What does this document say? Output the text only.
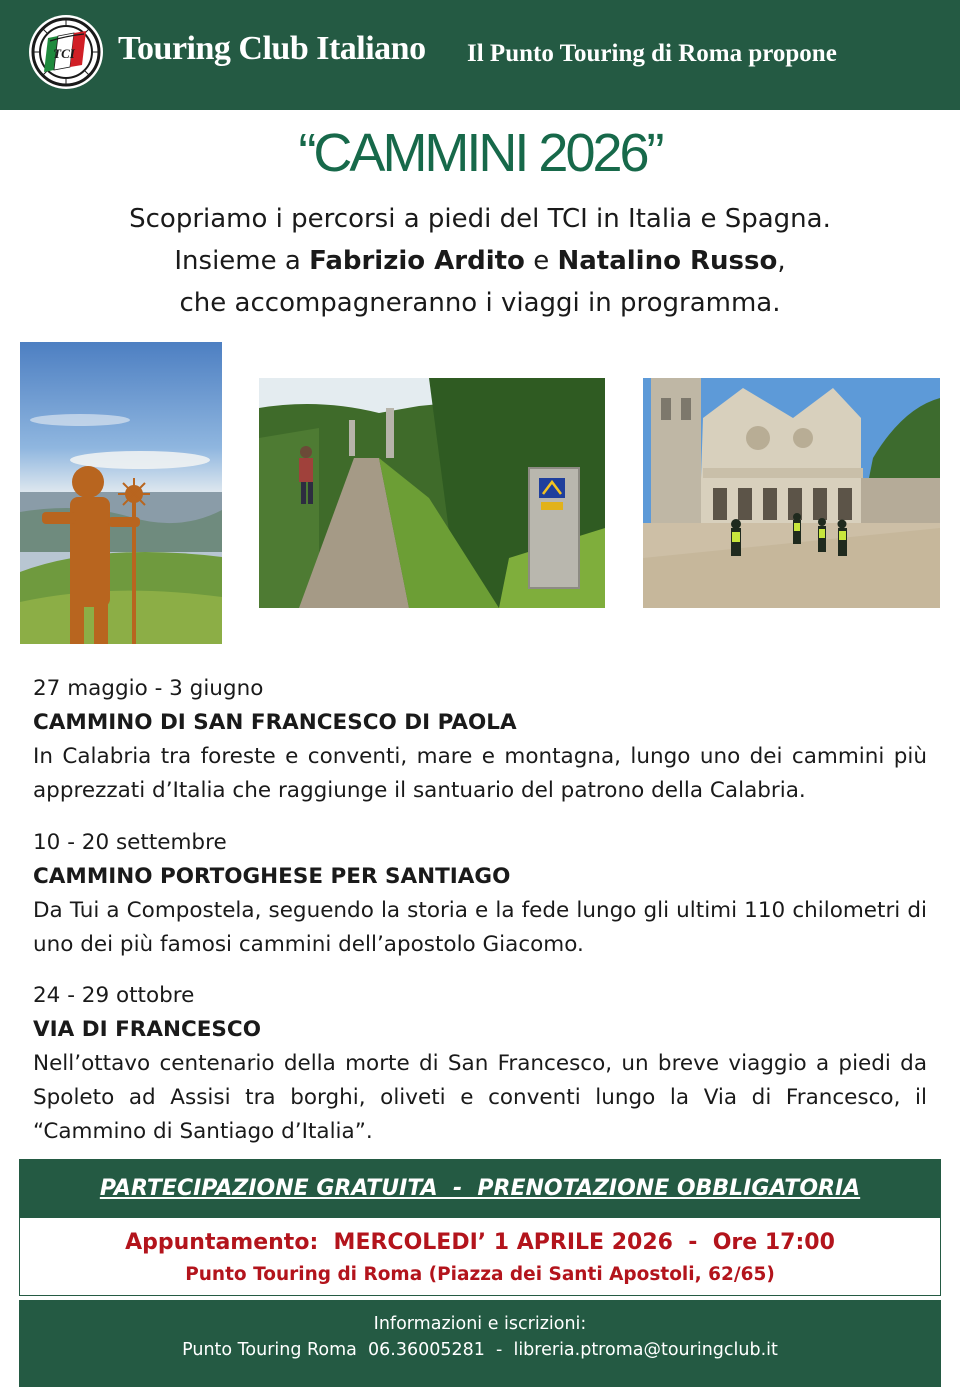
TCI Touring Club Italiano Il Punto Touring di Roma propone
“CAMMINI 2026”
Scopriamo i percorsi a piedi del TCI in Italia e Spagna.
Insieme a Fabrizio Ardito e Natalino Russo,
che accompagneranno i viaggi in programma.
27 maggio - 3 giugno
CAMMINO DI SAN FRANCESCO DI PAOLA
In Calabria tra foreste e conventi, mare e montagna, lungo uno dei cammini più apprezzati d’Italia che raggiunge il santuario del patrono della Calabria.
10 - 20 settembre
CAMMINO PORTOGHESE PER SANTIAGO
Da Tui a Compostela, seguendo la storia e la fede lungo gli ultimi 110 chilometri di uno dei più famosi cammini dell’apostolo Giacomo.
24 - 29 ottobre
VIA DI FRANCESCO
Nell’ottavo centenario della morte di San Francesco, un breve viaggio a piedi da Spoleto ad Assisi tra borghi, oliveti e conventi lungo la Via di Francesco, il “Cammino di Santiago d’Italia”.
PARTECIPAZIONE GRATUITA  -  PRENOTAZIONE OBBLIGATORIA
Appuntamento:  MERCOLEDI’ 1 APRILE 2026  -  Ore 17:00
Punto Touring di Roma (Piazza dei Santi Apostoli, 62/65)
Informazioni e iscrizioni:
Punto Touring Roma  06.36005281  -  libreria.ptroma@touringclub.it
